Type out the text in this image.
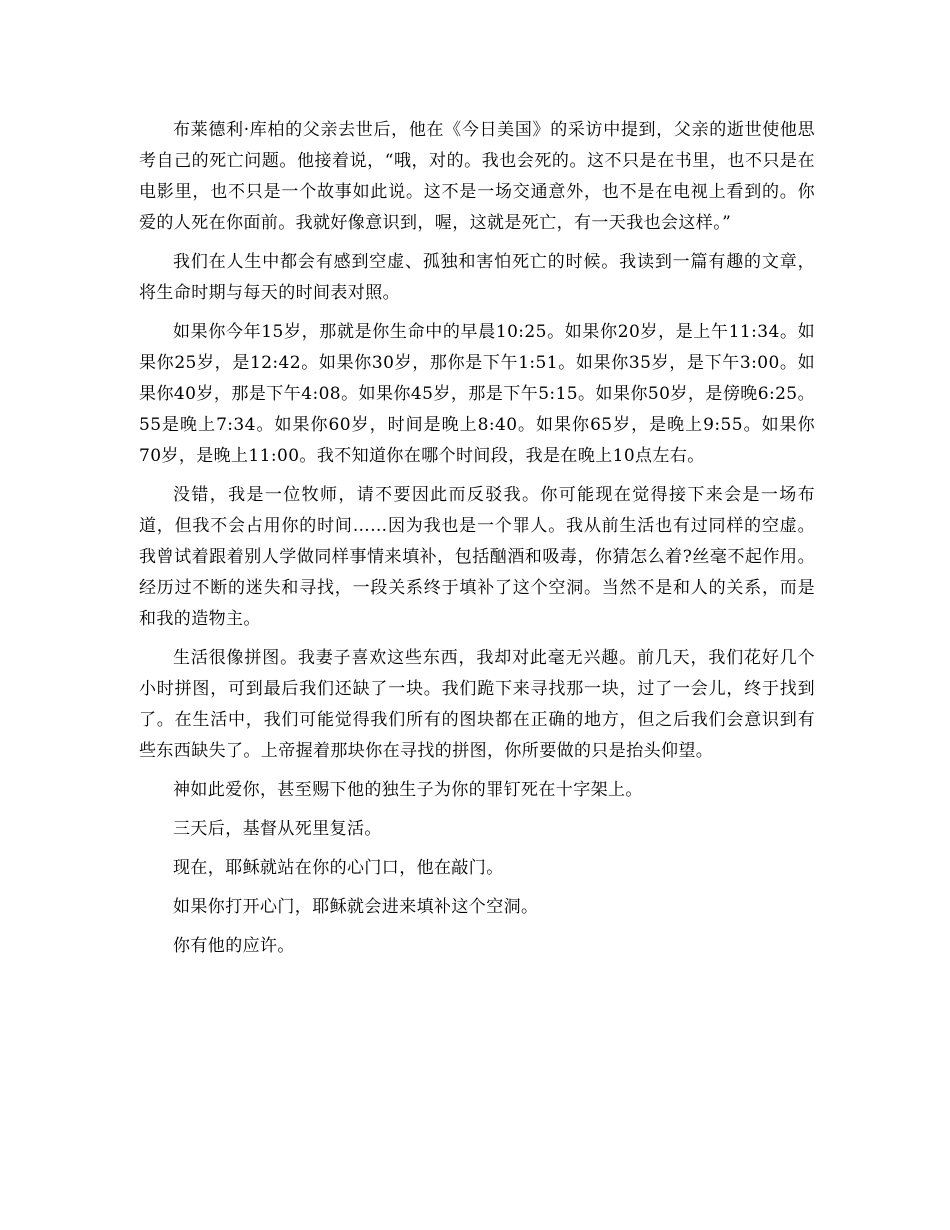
布莱德利·库柏的父亲去世后，他在《今日美国》的采访中提到，父亲的逝世使他思考自己的死亡问题。他接着说，“哦，对的。我也会死的。这不只是在书里，也不只是在电影里，也不只是一个故事如此说。这不是一场交通意外，也不是在电视上看到的。你爱的人死在你面前。我就好像意识到，喔，这就是死亡，有一天我也会这样。”

我们在人生中都会有感到空虚、孤独和害怕死亡的时候。我读到一篇有趣的文章，将生命时期与每天的时间表对照。

如果你今年15岁，那就是你生命中的早晨10:25。如果你20岁，是上午11:34。如果你25岁，是12:42。如果你30岁，那你是下午1:51。如果你35岁，是下午3:00。如果你40岁，那是下午4:08。如果你45岁，那是下午5:15。如果你50岁，是傍晚6:25。55是晚上7:34。如果你60岁，时间是晚上8:40。如果你65岁，是晚上9:55。如果你70岁，是晚上11:00。我不知道你在哪个时间段，我是在晚上10点左右。

没错，我是一位牧师，请不要因此而反驳我。你可能现在觉得接下来会是一场布道，但我不会占用你的时间……因为我也是一个罪人。我从前生活也有过同样的空虚。我曾试着跟着别人学做同样事情来填补，包括酗酒和吸毒，你猜怎么着?丝毫不起作用。经历过不断的迷失和寻找，一段关系终于填补了这个空洞。当然不是和人的关系，而是和我的造物主。

生活很像拼图。我妻子喜欢这些东西，我却对此毫无兴趣。前几天，我们花好几个小时拼图，可到最后我们还缺了一块。我们跪下来寻找那一块，过了一会儿，终于找到了。在生活中，我们可能觉得我们所有的图块都在正确的地方，但之后我们会意识到有些东西缺失了。上帝握着那块你在寻找的拼图，你所要做的只是抬头仰望。

神如此爱你，甚至赐下他的独生子为你的罪钉死在十字架上。

三天后，基督从死里复活。

现在，耶稣就站在你的心门口，他在敲门。

如果你打开心门，耶稣就会进来填补这个空洞。

你有他的应许。
